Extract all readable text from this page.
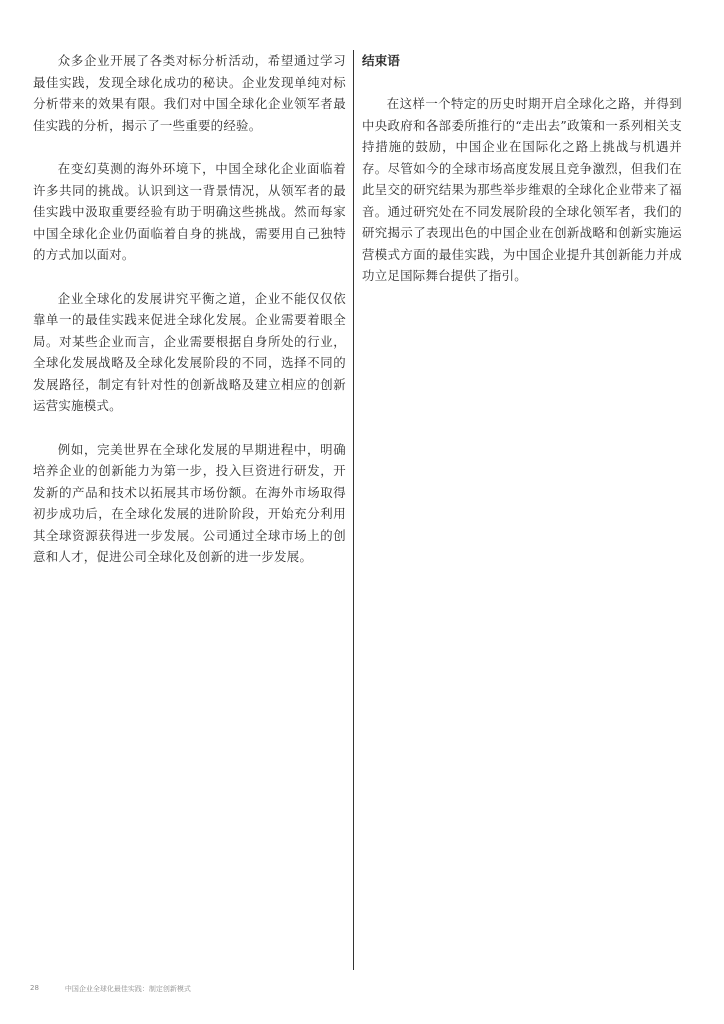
众多企业开展了各类对标分析活动，希望通过学习最佳实践，发现全球化成功的秘诀。企业发现单纯对标分析带来的效果有限。我们对中国全球化企业领军者最佳实践的分析，揭示了一些重要的经验。

在变幻莫测的海外环境下，中国全球化企业面临着许多共同的挑战。认识到这一背景情况，从领军者的最佳实践中汲取重要经验有助于明确这些挑战。然而每家中国全球化企业仍面临着自身的挑战，需要用自己独特的方式加以面对。

企业全球化的发展讲究平衡之道，企业不能仅仅依靠单一的最佳实践来促进全球化发展。企业需要着眼全局。对某些企业而言，企业需要根据自身所处的行业，全球化发展战略及全球化发展阶段的不同，选择不同的发展路径，制定有针对性的创新战略及建立相应的创新运营实施模式。

例如，完美世界在全球化发展的早期进程中，明确培养企业的创新能力为第一步，投入巨资进行研发，开发新的产品和技术以拓展其市场份额。在海外市场取得初步成功后，在全球化发展的进阶阶段，开始充分利用其全球资源获得进一步发展。公司通过全球市场上的创意和人才，促进公司全球化及创新的进一步发展。

结束语

在这样一个特定的历史时期开启全球化之路，并得到中央政府和各部委所推行的“走出去”政策和一系列相关支持措施的鼓励，中国企业在国际化之路上挑战与机遇并存。尽管如今的全球市场高度发展且竞争激烈，但我们在此呈交的研究结果为那些举步维艰的全球化企业带来了福音。通过研究处在不同发展阶段的全球化领军者，我们的研究揭示了表现出色的中国企业在创新战略和创新实施运营模式方面的最佳实践，为中国企业提升其创新能力并成功立足国际舞台提供了指引。

28	中国企业全球化最佳实践：制定创新模式
